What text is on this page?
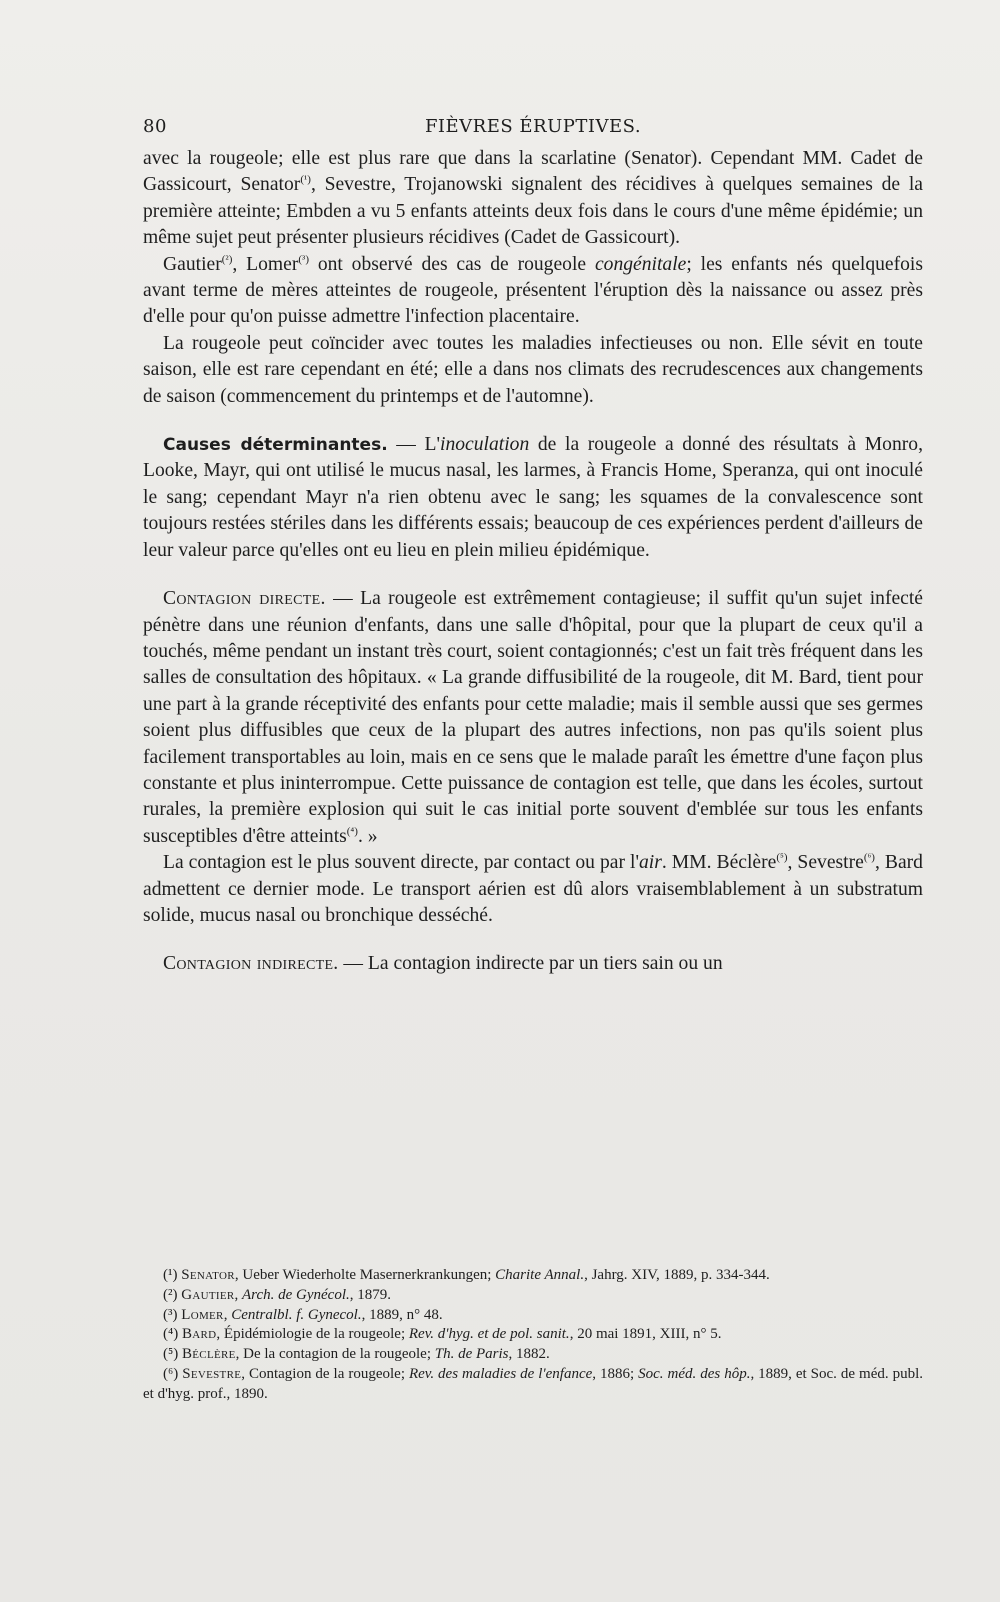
80	FIÈVRES ÉRUPTIVES.

avec la rougeole; elle est plus rare que dans la scarlatine (Senator). Cependant MM. Cadet de Gassicourt, Senator$^{(^1)}$, Sevestre, Trojanowski signalent des récidives à quelques semaines de la première atteinte; Embden a vu 5 enfants atteints deux fois dans le cours d'une même épidémie; un même sujet peut présenter plusieurs récidives (Cadet de Gassicourt).

Gautier$^{(^2)}$, Lomer$^{(^3)}$ ont observé des cas de rougeole congénitale; les enfants nés quelquefois avant terme de mères atteintes de rougeole, présentent l'éruption dès la naissance ou assez près d'elle pour qu'on puisse admettre l'infection placentaire.

La rougeole peut coïncider avec toutes les maladies infectieuses ou non. Elle sévit en toute saison, elle est rare cependant en été; elle a dans nos climats des recrudescences aux changements de saison (commencement du printemps et de l'automne).

Causes déterminantes. — L'inoculation de la rougeole a donné des résultats à Monro, Looke, Mayr, qui ont utilisé le mucus nasal, les larmes, à Francis Home, Speranza, qui ont inoculé le sang; cependant Mayr n'a rien obtenu avec le sang; les squames de la convalescence sont toujours restées stériles dans les différents essais; beaucoup de ces expériences perdent d'ailleurs de leur valeur parce qu'elles ont eu lieu en plein milieu épidémique.

Contagion directe. — La rougeole est extrêmement contagieuse; il suffit qu'un sujet infecté pénètre dans une réunion d'enfants, dans une salle d'hôpital, pour que la plupart de ceux qu'il a touchés, même pendant un instant très court, soient contagionnés; c'est un fait très fréquent dans les salles de consultation des hôpitaux. « La grande diffusibilité de la rougeole, dit M. Bard, tient pour une part à la grande réceptivité des enfants pour cette maladie; mais il semble aussi que ses germes soient plus diffusibles que ceux de la plupart des autres infections, non pas qu'ils soient plus facilement transportables au loin, mais en ce sens que le malade paraît les émettre d'une façon plus constante et plus ininterrompue. Cette puissance de contagion est telle, que dans les écoles, surtout rurales, la première explosion qui suit le cas initial porte souvent d'emblée sur tous les enfants susceptibles d'être atteints$^{(^4)}$. »

La contagion est le plus souvent directe, par contact ou par l'air. MM. Béclère$^{(^5)}$, Sevestre$^{(^6)}$, Bard admettent ce dernier mode. Le transport aérien est dû alors vraisemblablement à un substratum solide, mucus nasal ou bronchique desséché.

Contagion indirecte. — La contagion indirecte par un tiers sain ou un

(¹) Senator, Ueber Wiederholte Masernerkrankungen; Charite Annal., Jahrg. XIV, 1889, p. 334-344.

(²) Gautier, Arch. de Gynécol., 1879.

(³) Lomer, Centralbl. f. Gynecol., 1889, n° 48.

(⁴) Bard, Épidémiologie de la rougeole; Rev. d'hyg. et de pol. sanit., 20 mai 1891, XIII, n° 5.

(⁵) Béclère, De la contagion de la rougeole; Th. de Paris, 1882.

(⁶) Sevestre, Contagion de la rougeole; Rev. des maladies de l'enfance, 1886; Soc. méd. des hôp., 1889, et Soc. de méd. publ. et d'hyg. prof., 1890.
